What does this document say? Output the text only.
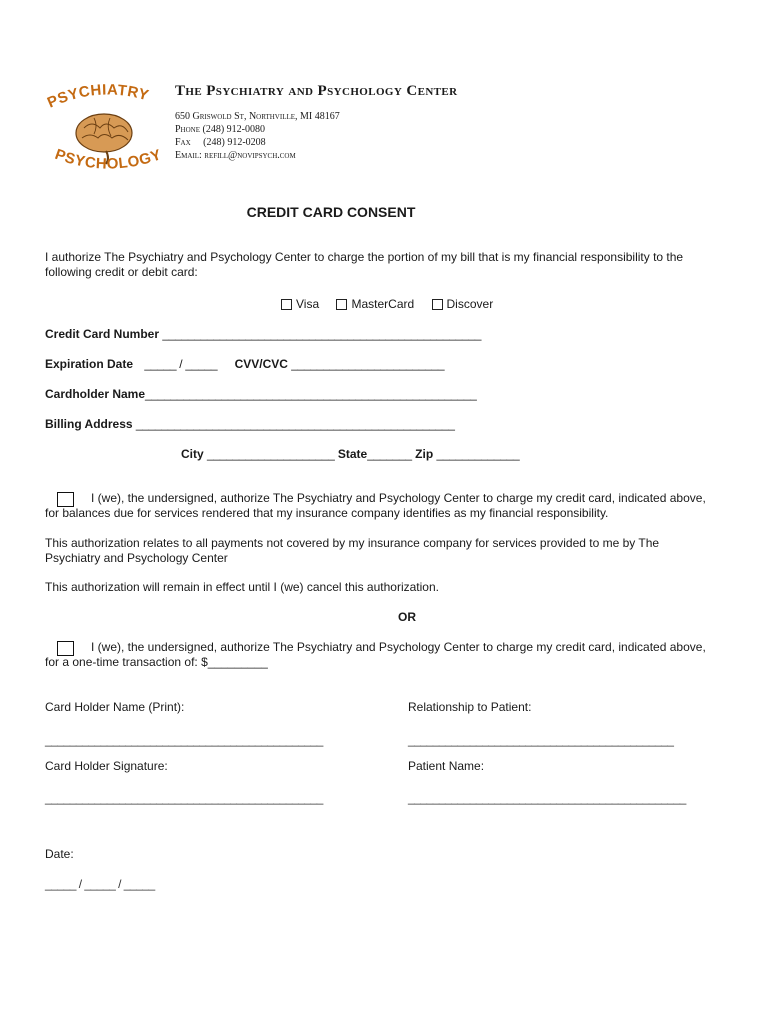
PSYCHIATRY
PSYCHOLOGY
The Psychiatry and Psychology Center
650 Griswold St, Northville, MI 48167
Phone (248) 912-0080
Fax     (248) 912-0208
Email: refill@novipsych.com
CREDIT CARD CONSENT
I authorize The Psychiatry and Psychology Center to charge the portion of my bill that is my financial responsibility to the following credit or debit card:
Visa
	MasterCard
	Discover
Credit Card Number __________________________________________________
Expiration Date _____ / _____ CVV/CVC ________________________
Cardholder Name____________________________________________________
Billing Address __________________________________________________
City ____________________ State_______ Zip _____________
I (we), the undersigned, authorize The Psychiatry and Psychology Center to charge my credit card, indicated above, for balances due for services rendered that my insurance company identifies as my financial responsibility.
This authorization relates to all payments not covered by my insurance company for services provided to me by The Psychiatry and Psychology Center
This authorization will remain in effect until I (we) cancel this authorization.
OR
I (we), the undersigned, authorize The Psychiatry and Psychology Center to charge my credit card, indicated above, for a one-time transaction of: $_________
Card Holder Name (Print):	Relationship to Patient:
_____________________________________________	___________________________________________
Card Holder Signature:	Patient Name:
_____________________________________________	_____________________________________________
Date:
_____ / _____ / _____
